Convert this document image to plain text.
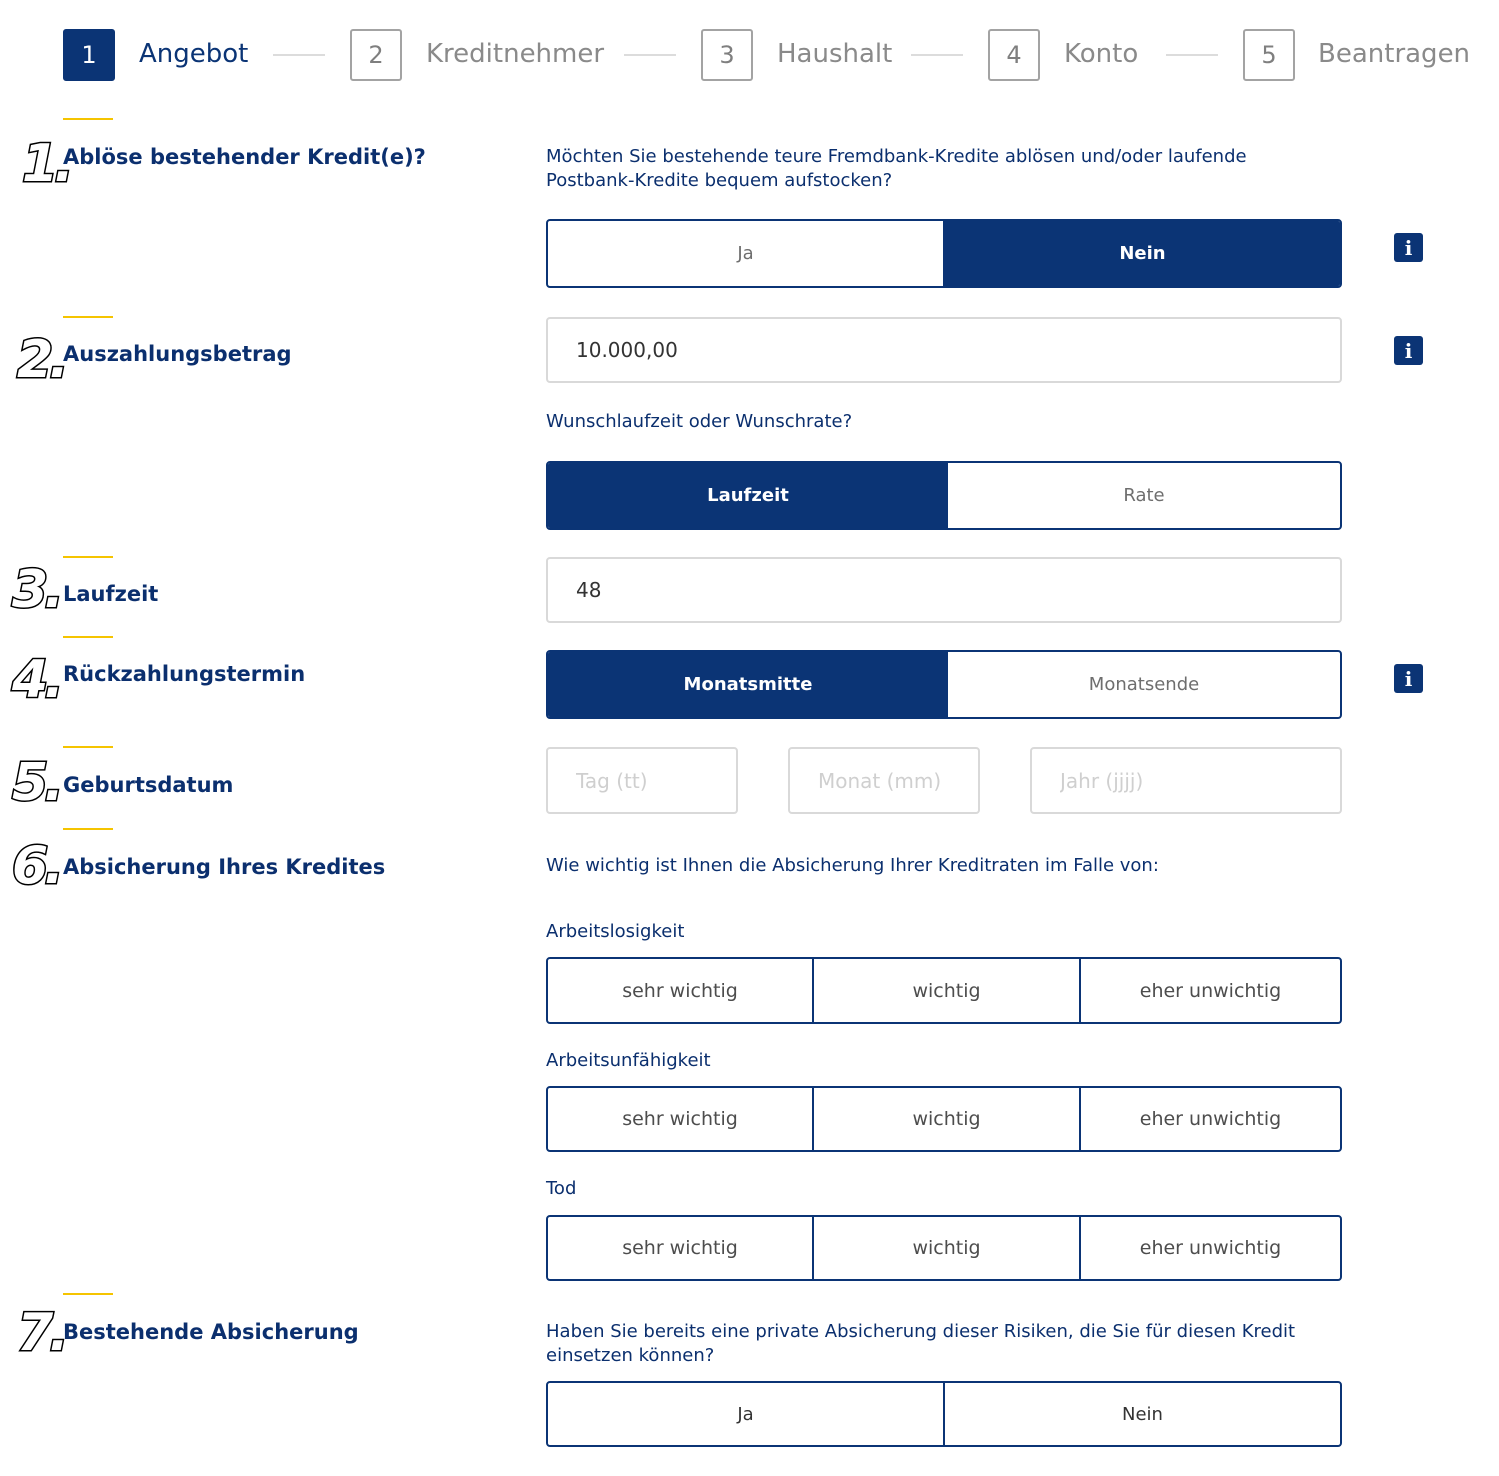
1	Angebot	2	Kreditnehmer	3	Haushalt	4	Konto	5	Beantragen
1.
Ablöse bestehender Kredit(e)?	Möchten Sie bestehende teure Fremdbank-Kredite ablösen und/oder laufende Postbank-Kredite bequem aufstocken?
Ja	Nein	i
2.
Auszahlungsbetrag
10.000,00	i
Wunschlaufzeit oder Wunschrate?
Laufzeit	Rate
3. Laufzeit
48
4. Rückzahlungstermin	Monatsmitte	Monatsende	i
5. Geburtsdatum
Tag (tt)
Monat (mm)
Jahr (jjjj)
6. Absicherung Ihres Kredites	Wie wichtig ist Ihnen die Absicherung Ihrer Kreditraten im Falle von:
Arbeitslosigkeit
sehr wichtig	wichtig	eher unwichtig
Arbeitsunfähigkeit
sehr wichtig	wichtig	eher unwichtig
Tod
sehr wichtig	wichtig	eher unwichtig
7.
Bestehende Absicherung	Haben Sie bereits eine private Absicherung dieser Risiken, die Sie für diesen Kredit einsetzen können?
Ja	Nein
